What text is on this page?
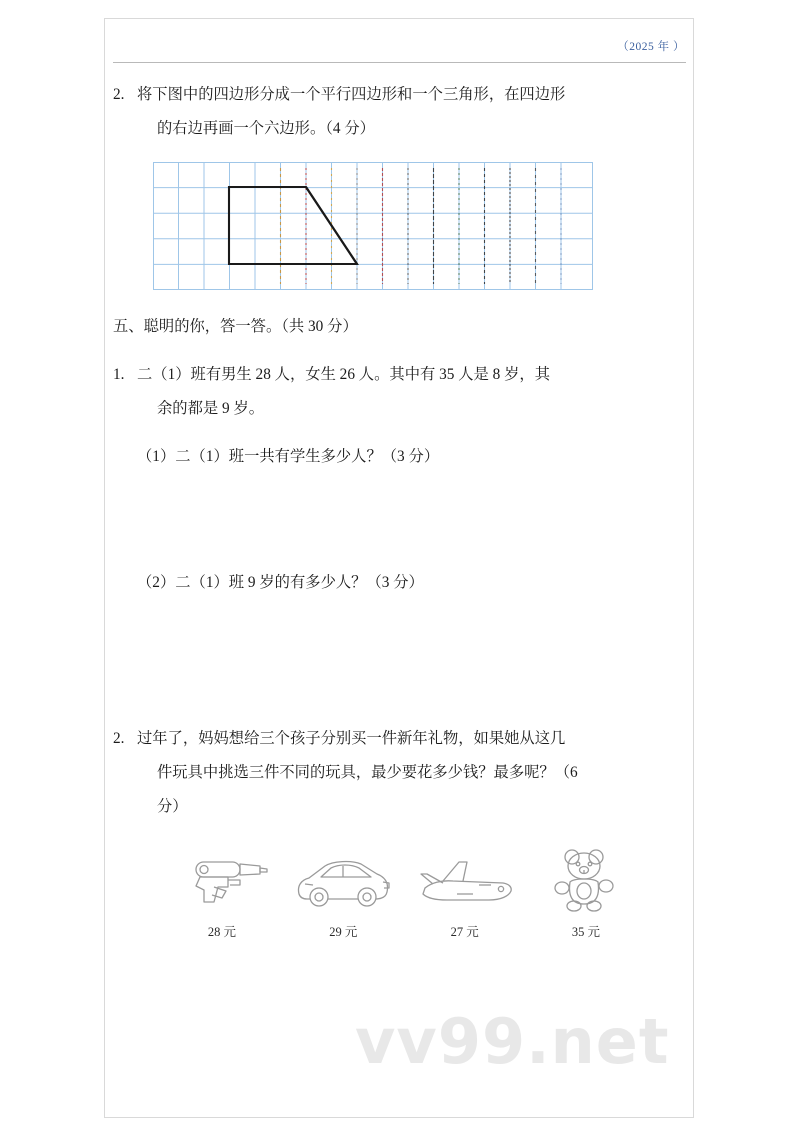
（2025 年 ）
2. 将下图中的四边形分成一个平行四边形和一个三角形，在四边形
的右边再画一个六边形。（4 分）
五、聪明的你，答一答。（共 30 分）
1. 二（1）班有男生 28 人，女生 26 人。其中有 35 人是 8 岁，其
余的都是 9 岁。
（1）二（1）班一共有学生多少人？（3 分）
（2）二（1）班 9 岁的有多少人？（3 分）
2. 过年了，妈妈想给三个孩子分别买一件新年礼物，如果她从这几
件玩具中挑选三件不同的玩具，最少要花多少钱？最多呢？（6
分）
28 元	29 元	27 元	35 元
vv99.net
